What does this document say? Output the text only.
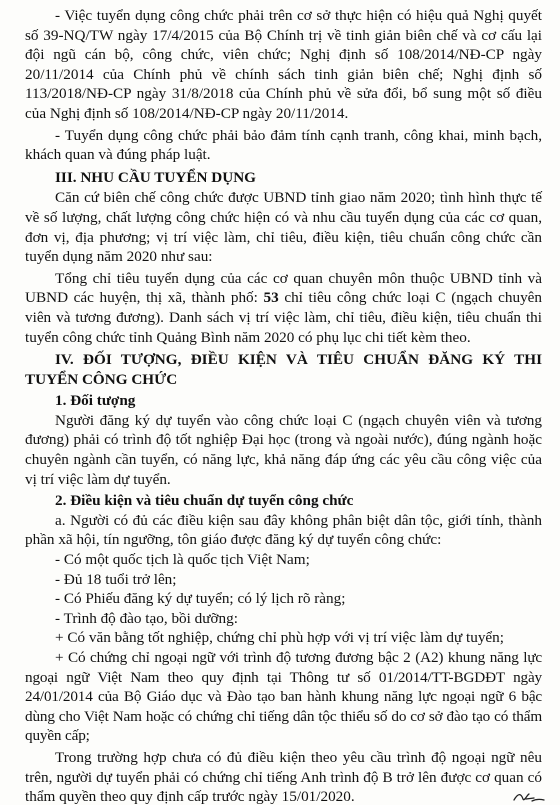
- Việc tuyển dụng công chức phải trên cơ sở thực hiện có hiệu quả Nghị quyết số 39-NQ/TW ngày 17/4/2015 của Bộ Chính trị về tinh giản biên chế và cơ cấu lại đội ngũ cán bộ, công chức, viên chức; Nghị định số 108/2014/NĐ-CP ngày 20/11/2014 của Chính phủ về chính sách tinh giản biên chế; Nghị định số 113/2018/NĐ-CP ngày 31/8/2018 của Chính phủ về sửa đổi, bổ sung một số điều của Nghị định số 108/2014/NĐ-CP ngày 20/11/2014.

- Tuyển dụng công chức phải bảo đảm tính cạnh tranh, công khai, minh bạch, khách quan và đúng pháp luật.

III. NHU CẦU TUYỂN DỤNG

Căn cứ biên chế công chức được UBND tỉnh giao năm 2020; tình hình thực tế về số lượng, chất lượng công chức hiện có và nhu cầu tuyển dụng của các cơ quan, đơn vị, địa phương; vị trí việc làm, chỉ tiêu, điều kiện, tiêu chuẩn công chức cần tuyển dụng năm 2020 như sau:

Tổng chỉ tiêu tuyển dụng của các cơ quan chuyên môn thuộc UBND tỉnh và UBND các huyện, thị xã, thành phố: 53 chỉ tiêu công chức loại C (ngạch chuyên viên và tương đương). Danh sách vị trí việc làm, chỉ tiêu, điều kiện, tiêu chuẩn thi tuyển công chức tỉnh Quảng Bình năm 2020 có phụ lục chi tiết kèm theo.

IV. ĐỐI TƯỢNG, ĐIỀU KIỆN VÀ TIÊU CHUẨN ĐĂNG KÝ THI TUYỂN CÔNG CHỨC
1. Đối tượng

Người đăng ký dự tuyển vào công chức loại C (ngạch chuyên viên và tương đương) phải có trình độ tốt nghiệp Đại học (trong và ngoài nước), đúng ngành hoặc chuyên ngành cần tuyển, có năng lực, khả năng đáp ứng các yêu cầu công việc của vị trí việc làm dự tuyển.

2. Điều kiện và tiêu chuẩn dự tuyển công chức

a. Người có đủ các điều kiện sau đây không phân biệt dân tộc, giới tính, thành phần xã hội, tín ngưỡng, tôn giáo được đăng ký dự tuyển công chức:

- Có một quốc tịch là quốc tịch Việt Nam;

- Đủ 18 tuổi trở lên;

- Có Phiếu đăng ký dự tuyển; có lý lịch rõ ràng;

- Trình độ đào tạo, bồi dưỡng:

+ Có văn bằng tốt nghiệp, chứng chỉ phù hợp với vị trí việc làm dự tuyển;

+ Có chứng chỉ ngoại ngữ với trình độ tương đương bậc 2 (A2) khung năng lực ngoại ngữ Việt Nam theo quy định tại Thông tư số 01/2014/TT-BGDĐT ngày 24/01/2014 của Bộ Giáo dục và Đào tạo ban hành khung năng lực ngoại ngữ 6 bậc dùng cho Việt Nam hoặc có chứng chỉ tiếng dân tộc thiểu số do cơ sở đào tạo có thẩm quyền cấp;

Trong trường hợp chưa có đủ điều kiện theo yêu cầu trình độ ngoại ngữ nêu trên, người dự tuyển phải có chứng chỉ tiếng Anh trình độ B trở lên được cơ quan có thẩm quyền theo quy định cấp trước ngày 15/01/2020.
